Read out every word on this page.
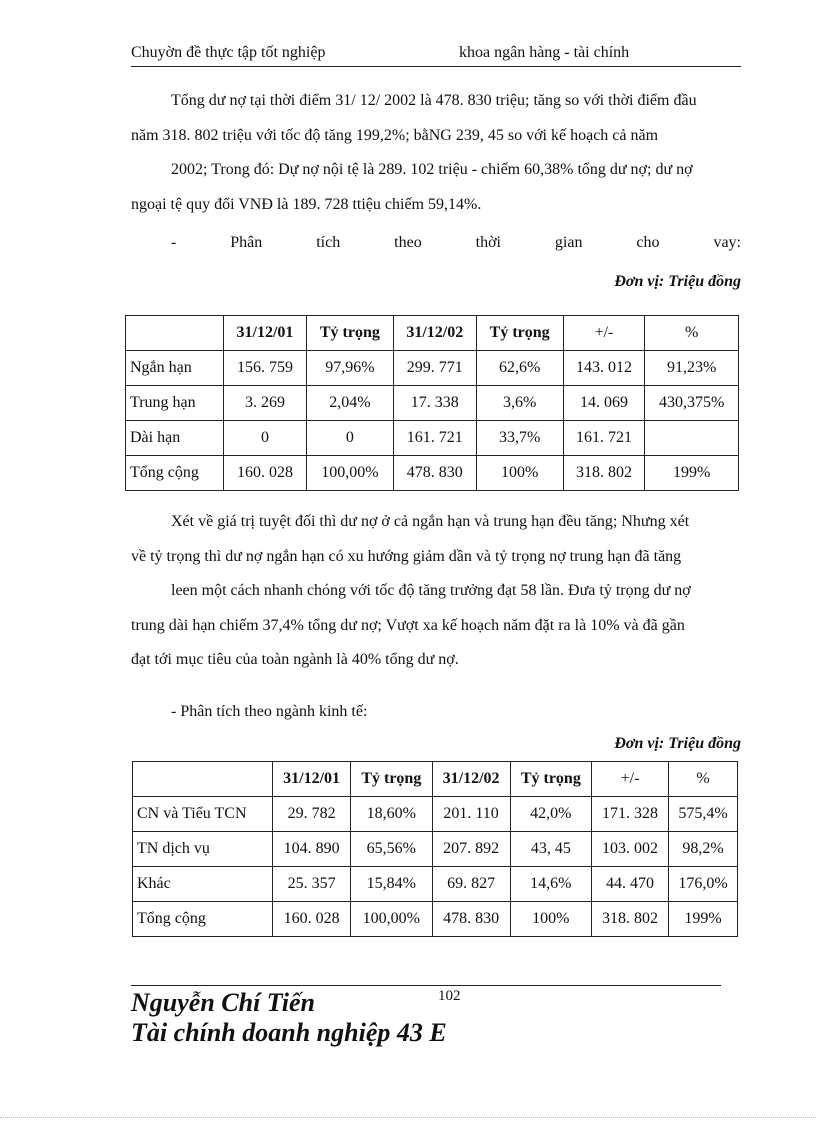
Chuyờn đề thực tập tốt nghiệp	khoa ngân hàng - tài chính
Tổng dư nợ tại thời điểm 31/ 12/ 2002 là 478. 830 triệu; tăng so với thời điểm đầu
năm 318. 802 triệu với tốc độ tăng 199,2%; bằNG 239, 45 so với kế hoạch cả năm
2002; Trong đó: Dự nợ nội tệ là 289. 102 triệu - chiếm 60,38% tổng dư nợ; dư nợ
ngoại tệ quy đổi VNĐ là 189. 728 ttiệu chiếm 59,14%.
-	Phân	tích	theo	thời	gian	cho	vay:
Đơn vị: Triệu đồng
	31/12/01	Tỷ trọng	31/12/02	Tỷ trọng	+/-	%
Ngắn hạn	156. 759	97,96%	299. 771	62,6%	143. 012	91,23%
Trung hạn	3. 269	2,04%	17. 338	3,6%	14. 069	430,375%
Dài hạn	0	0	161. 721	33,7%	161. 721	
Tổng cộng	160. 028	100,00%	478. 830	100%	318. 802	199%
Xét về giá trị tuyệt đối thì dư nợ ở cả ngắn hạn và trung hạn đều tăng; Nhưng xét
về tỷ trọng thì dư nợ ngắn hạn có xu hướng giảm dần và tỷ trọng nợ trung hạn đã tăng
leen một cách nhanh chóng với tốc độ tăng trưởng đạt 58 lần. Đưa tỷ trọng dư nợ
trung dài hạn chiếm 37,4% tổng dư nợ; Vượt xa kế hoạch năm đặt ra là 10% và đã gần
đạt tới mục tiêu của toàn ngành là 40% tổng dư nợ.
- Phân tích theo ngành kinh tế:
Đơn vị: Triệu đồng
	31/12/01	Tỷ trọng	31/12/02	Tỷ trọng	+/-	%
CN và Tiểu TCN	29. 782	18,60%	201. 110	42,0%	171. 328	575,4%
TN dịch vụ	104. 890	65,56%	207. 892	43, 45	103. 002	98,2%
Khác	25. 357	15,84%	69. 827	14,6%	44. 470	176,0%
Tổng cộng	160. 028	100,00%	478. 830	100%	318. 802	199%
102
Nguyễn Chí Tiến
Tài chính doanh nghiệp 43 E
